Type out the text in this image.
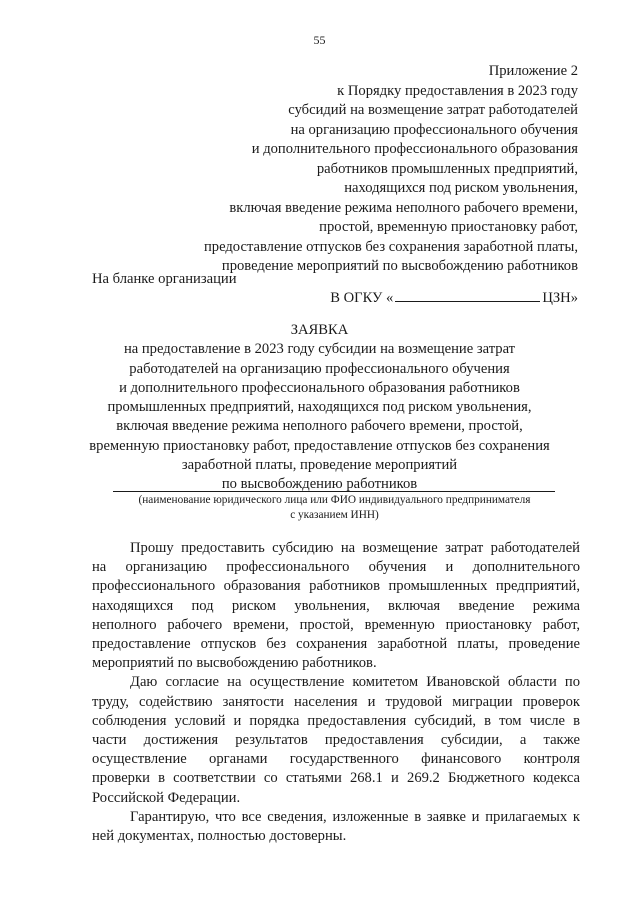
55
Приложение 2
к Порядку предоставления в 2023 году
субсидий на возмещение затрат работодателей
на организацию профессионального обучения
и дополнительного профессионального образования
работников промышленных предприятий,
находящихся под риском увольнения,
включая введение режима неполного рабочего времени,
простой, временную приостановку работ,
предоставление отпусков без сохранения заработной платы,
проведение мероприятий по высвобождению работников
На бланке организации
В ОГКУ «	ЦЗН»
ЗАЯВКА
на предоставление в 2023 году субсидии на возмещение затрат
работодателей на организацию профессионального обучения
и дополнительного профессионального образования работников
промышленных предприятий, находящихся под риском увольнения,
включая введение режима неполного рабочего времени, простой,
временную приостановку работ, предоставление отпусков без сохранения
заработной платы, проведение мероприятий
по высвобождению работников
(наименование юридического лица или ФИО индивидуального предпринимателя
с указанием ИНН)

Прошу предоставить субсидию на возмещение затрат работодателей
на организацию профессионального обучения и дополнительного
профессионального образования работников промышленных предприятий,
находящихся под риском увольнения, включая введение режима
неполного рабочего времени, простой, временную приостановку работ,
предоставление отпусков без сохранения заработной платы, проведение
мероприятий по высвобождению работников.

Даю согласие на осуществление комитетом Ивановской области по
труду, содействию занятости населения и трудовой миграции проверок
соблюдения условий и порядка предоставления субсидий, в том числе в
части достижения результатов предоставления субсидии, а также
осуществление органами государственного финансового контроля
проверки в соответствии со статьями 268.1 и 269.2 Бюджетного кодекса
Российской Федерации.

Гарантирую, что все сведения, изложенные в заявке и прилагаемых к
ней документах, полностью достоверны.
